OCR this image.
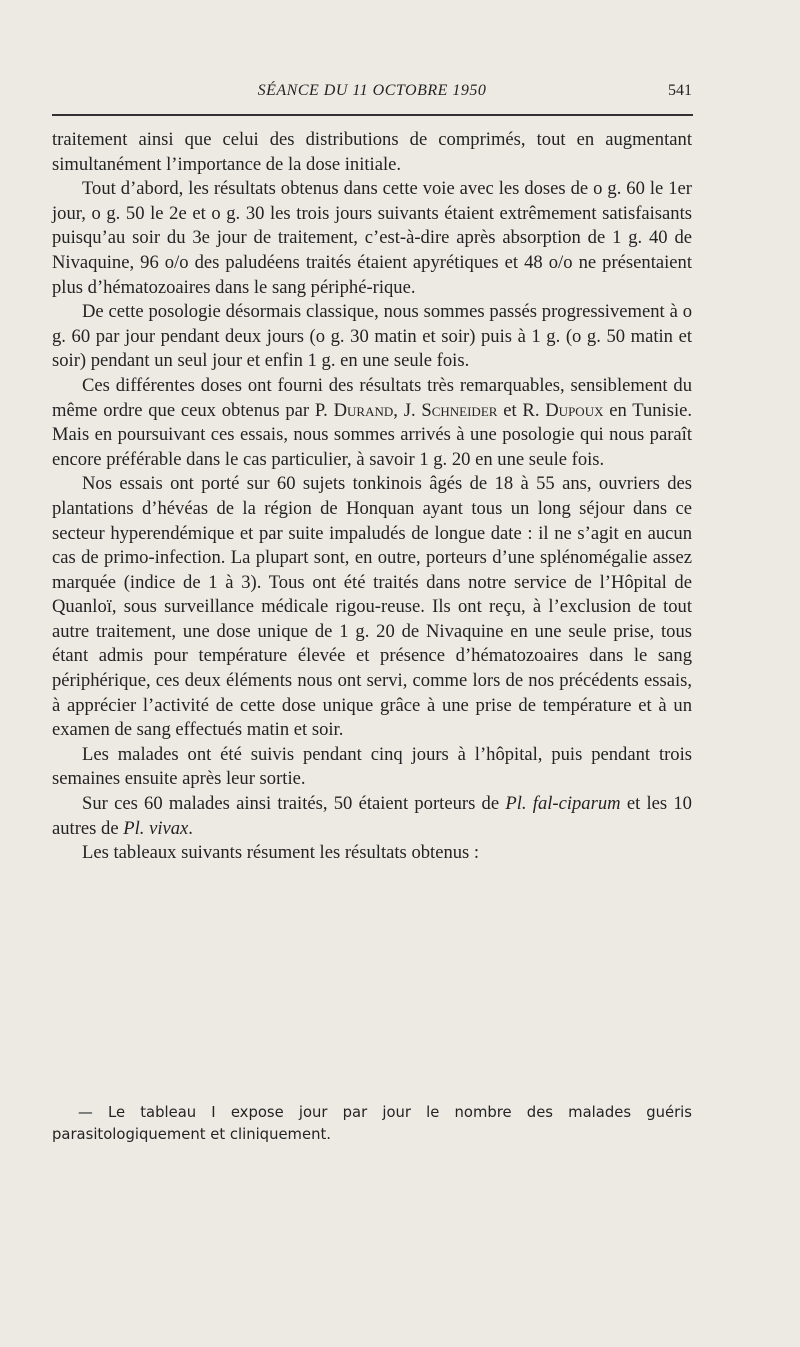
SÉANCE DU 11 OCTOBRE 1950	541

traitement ainsi que celui des distributions de comprimés, tout en augmentant simultanément l’importance de la dose initiale.

Tout d’abord, les résultats obtenus dans cette voie avec les doses de o g. 60 le 1er jour, o g. 50 le 2e et o g. 30 les trois jours suivants étaient extrêmement satisfaisants puisqu’au soir du 3e jour de traitement, c’est-à-dire après absorption de 1 g. 40 de Nivaquine, 96 o/o des paludéens traités étaient apyrétiques et 48 o/o ne présentaient plus d’hématozoaires dans le sang périphé-rique.

De cette posologie désormais classique, nous sommes passés progressivement à o g. 60 par jour pendant deux jours (o g. 30 matin et soir) puis à 1 g. (o g. 50 matin et soir) pendant un seul jour et enfin 1 g. en une seule fois.

Ces différentes doses ont fourni des résultats très remarquables, sensiblement du même ordre que ceux obtenus par P. Durand, J. Schneider et R. Dupoux en Tunisie. Mais en poursuivant ces essais, nous sommes arrivés à une posologie qui nous paraît encore préférable dans le cas particulier, à savoir 1 g. 20 en une seule fois.

Nos essais ont porté sur 60 sujets tonkinois âgés de 18 à 55 ans, ouvriers des plantations d’hévéas de la région de Honquan ayant tous un long séjour dans ce secteur hyperendémique et par suite impaludés de longue date : il ne s’agit en aucun cas de primo-infection. La plupart sont, en outre, porteurs d’une splénomégalie assez marquée (indice de 1 à 3). Tous ont été traités dans notre service de l’Hôpital de Quanloï, sous surveillance médicale rigou-reuse. Ils ont reçu, à l’exclusion de tout autre traitement, une dose unique de 1 g. 20 de Nivaquine en une seule prise, tous étant admis pour température élevée et présence d’hématozoaires dans le sang périphérique, ces deux éléments nous ont servi, comme lors de nos précédents essais, à apprécier l’activité de cette dose unique grâce à une prise de température et à un examen de sang effectués matin et soir.

Les malades ont été suivis pendant cinq jours à l’hôpital, puis pendant trois semaines ensuite après leur sortie.

Sur ces 60 malades ainsi traités, 50 étaient porteurs de Pl. fal-ciparum et les 10 autres de Pl. vivax.

Les tableaux suivants résument les résultats obtenus :

— Le tableau I expose jour par jour le nombre des malades guéris parasitologiquement et cliniquement.
